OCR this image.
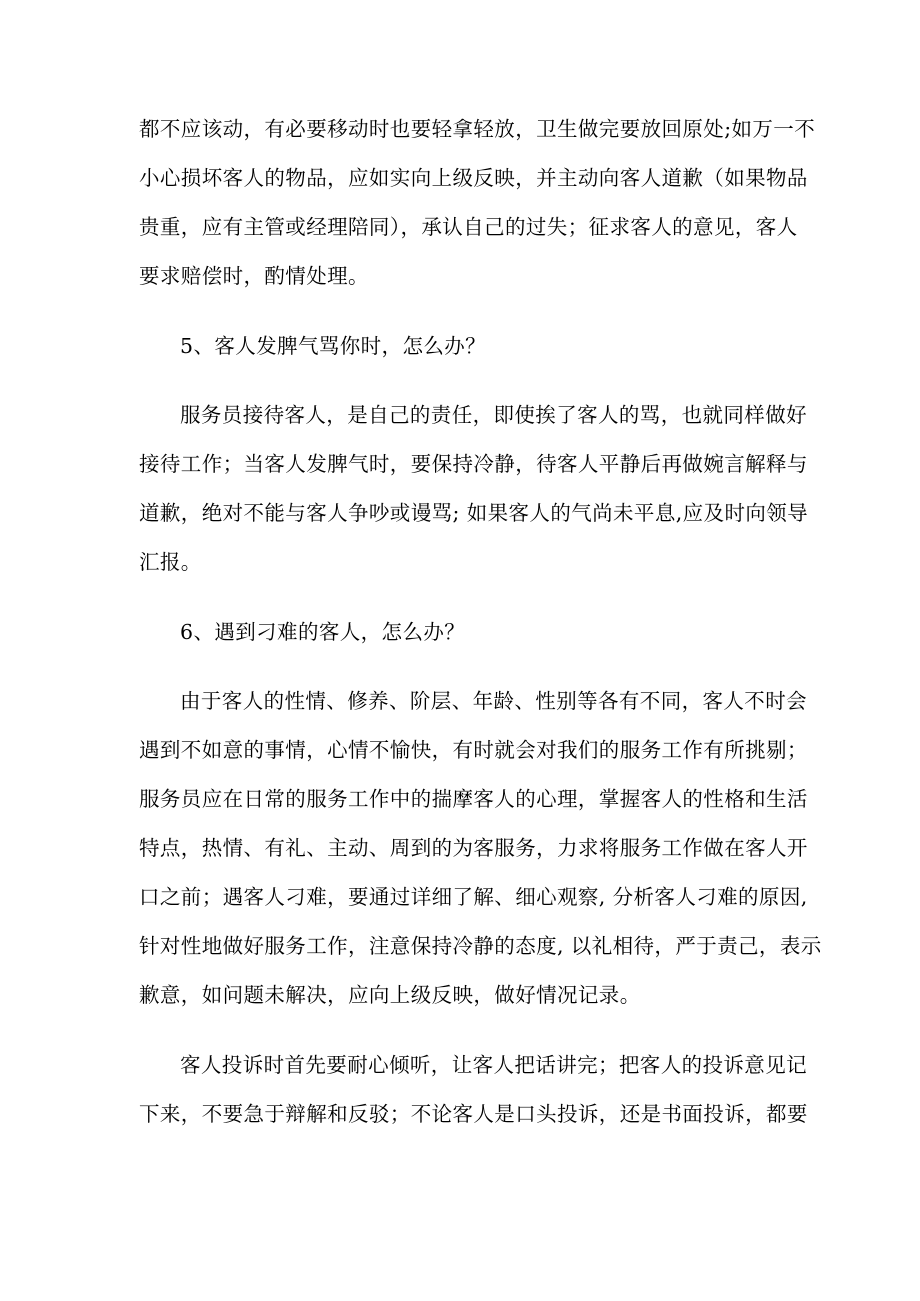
都不应该动，有必要移动时也要轻拿轻放，卫生做完要放回原处;如万一不
小心损坏客人的物品，应如实向上级反映，并主动向客人道歉（如果物品
贵重，应有主管或经理陪同），承认自己的过失；征求客人的意见，客人
要求赔偿时，酌情处理。
5、客人发脾气骂你时，怎么办？
服务员接待客人，是自己的责任，即使挨了客人的骂，也就同样做好
接待工作；当客人发脾气时，要保持冷静，待客人平静后再做婉言解释与
道歉，绝对不能与客人争吵或谩骂; 如果客人的气尚未平息,应及时向领导
汇报。
6、遇到刁难的客人，怎么办？
由于客人的性情、修养、阶层、年龄、性别等各有不同，客人不时会
遇到不如意的事情，心情不愉快，有时就会对我们的服务工作有所挑剔；
服务员应在日常的服务工作中的揣摩客人的心理，掌握客人的性格和生活
特点，热情、有礼、主动、周到的为客服务，力求将服务工作做在客人开
口之前；遇客人刁难，要通过详细了解、细心观察, 分析客人刁难的原因,
针对性地做好服务工作，注意保持冷静的态度, 以礼相待，严于责己，表示
歉意，如问题未解决，应向上级反映，做好情况记录。
客人投诉时首先要耐心倾听，让客人把话讲完；把客人的投诉意见记
下来，不要急于辩解和反驳；不论客人是口头投诉，还是书面投诉，都要
